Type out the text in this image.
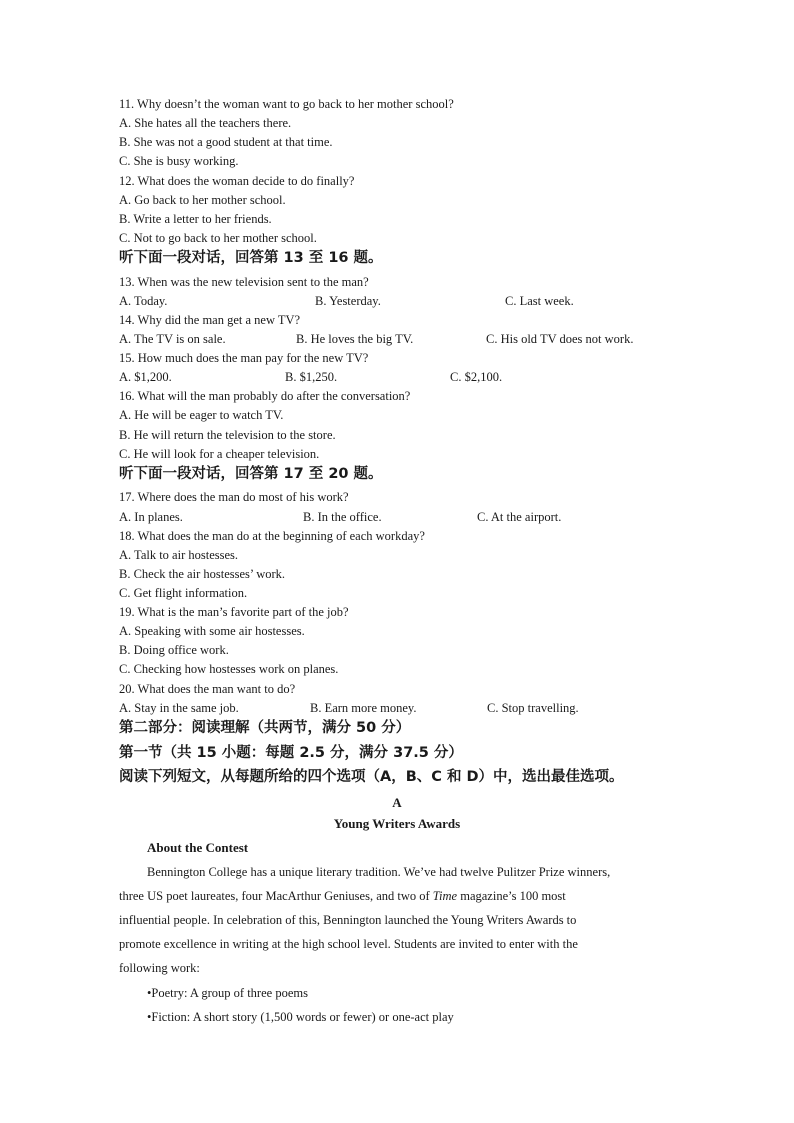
11. Why doesn’t the woman want to go back to her mother school?
A. She hates all the teachers there.
B. She was not a good student at that time.
C. She is busy working.
12. What does the woman decide to do finally?
A. Go back to her mother school.
B. Write a letter to her friends.
C. Not to go back to her mother school.
听下面一段对话，回答第 13 至 16 题。
13. When was the new television sent to the man?
A. Today.	B. Yesterday.	C. Last week.
14. Why did the man get a new TV?
A. The TV is on sale.	B. He loves the big TV.	C. His old TV does not work.
15. How much does the man pay for the new TV?
A. $1,200.	B. $1,250.	C. $2,100.
16. What will the man probably do after the conversation?
A. He will be eager to watch TV.
B. He will return the television to the store.
C. He will look for a cheaper television.
听下面一段对话，回答第 17 至 20 题。
17. Where does the man do most of his work?
A. In planes.	B. In the office.	C. At the airport.
18. What does the man do at the beginning of each workday?
A. Talk to air hostesses.
B. Check the air hostesses’ work.
C. Get flight information.
19. What is the man’s favorite part of the job?
A. Speaking with some air hostesses.
B. Doing office work.
C. Checking how hostesses work on planes.
20. What does the man want to do?
A. Stay in the same job.	B. Earn more money.	C. Stop travelling.
第二部分：阅读理解（共两节，满分 50 分）
第一节（共 15 小题：每题 2.5 分，满分 37.5 分）
阅读下列短文，从每题所给的四个选项（A，B、C 和 D）中，选出最佳选项。
A
Young Writers Awards
About the Contest
Bennington College has a unique literary tradition. We’ve had twelve Pulitzer Prize winners,
three US poet laureates, four MacArthur Geniuses, and two of Time magazine’s 100 most
influential people. In celebration of this, Bennington launched the Young Writers Awards to
promote excellence in writing at the high school level. Students are invited to enter with the
following work:
•Poetry: A group of three poems
•Fiction: A short story (1,500 words or fewer) or one-act play
